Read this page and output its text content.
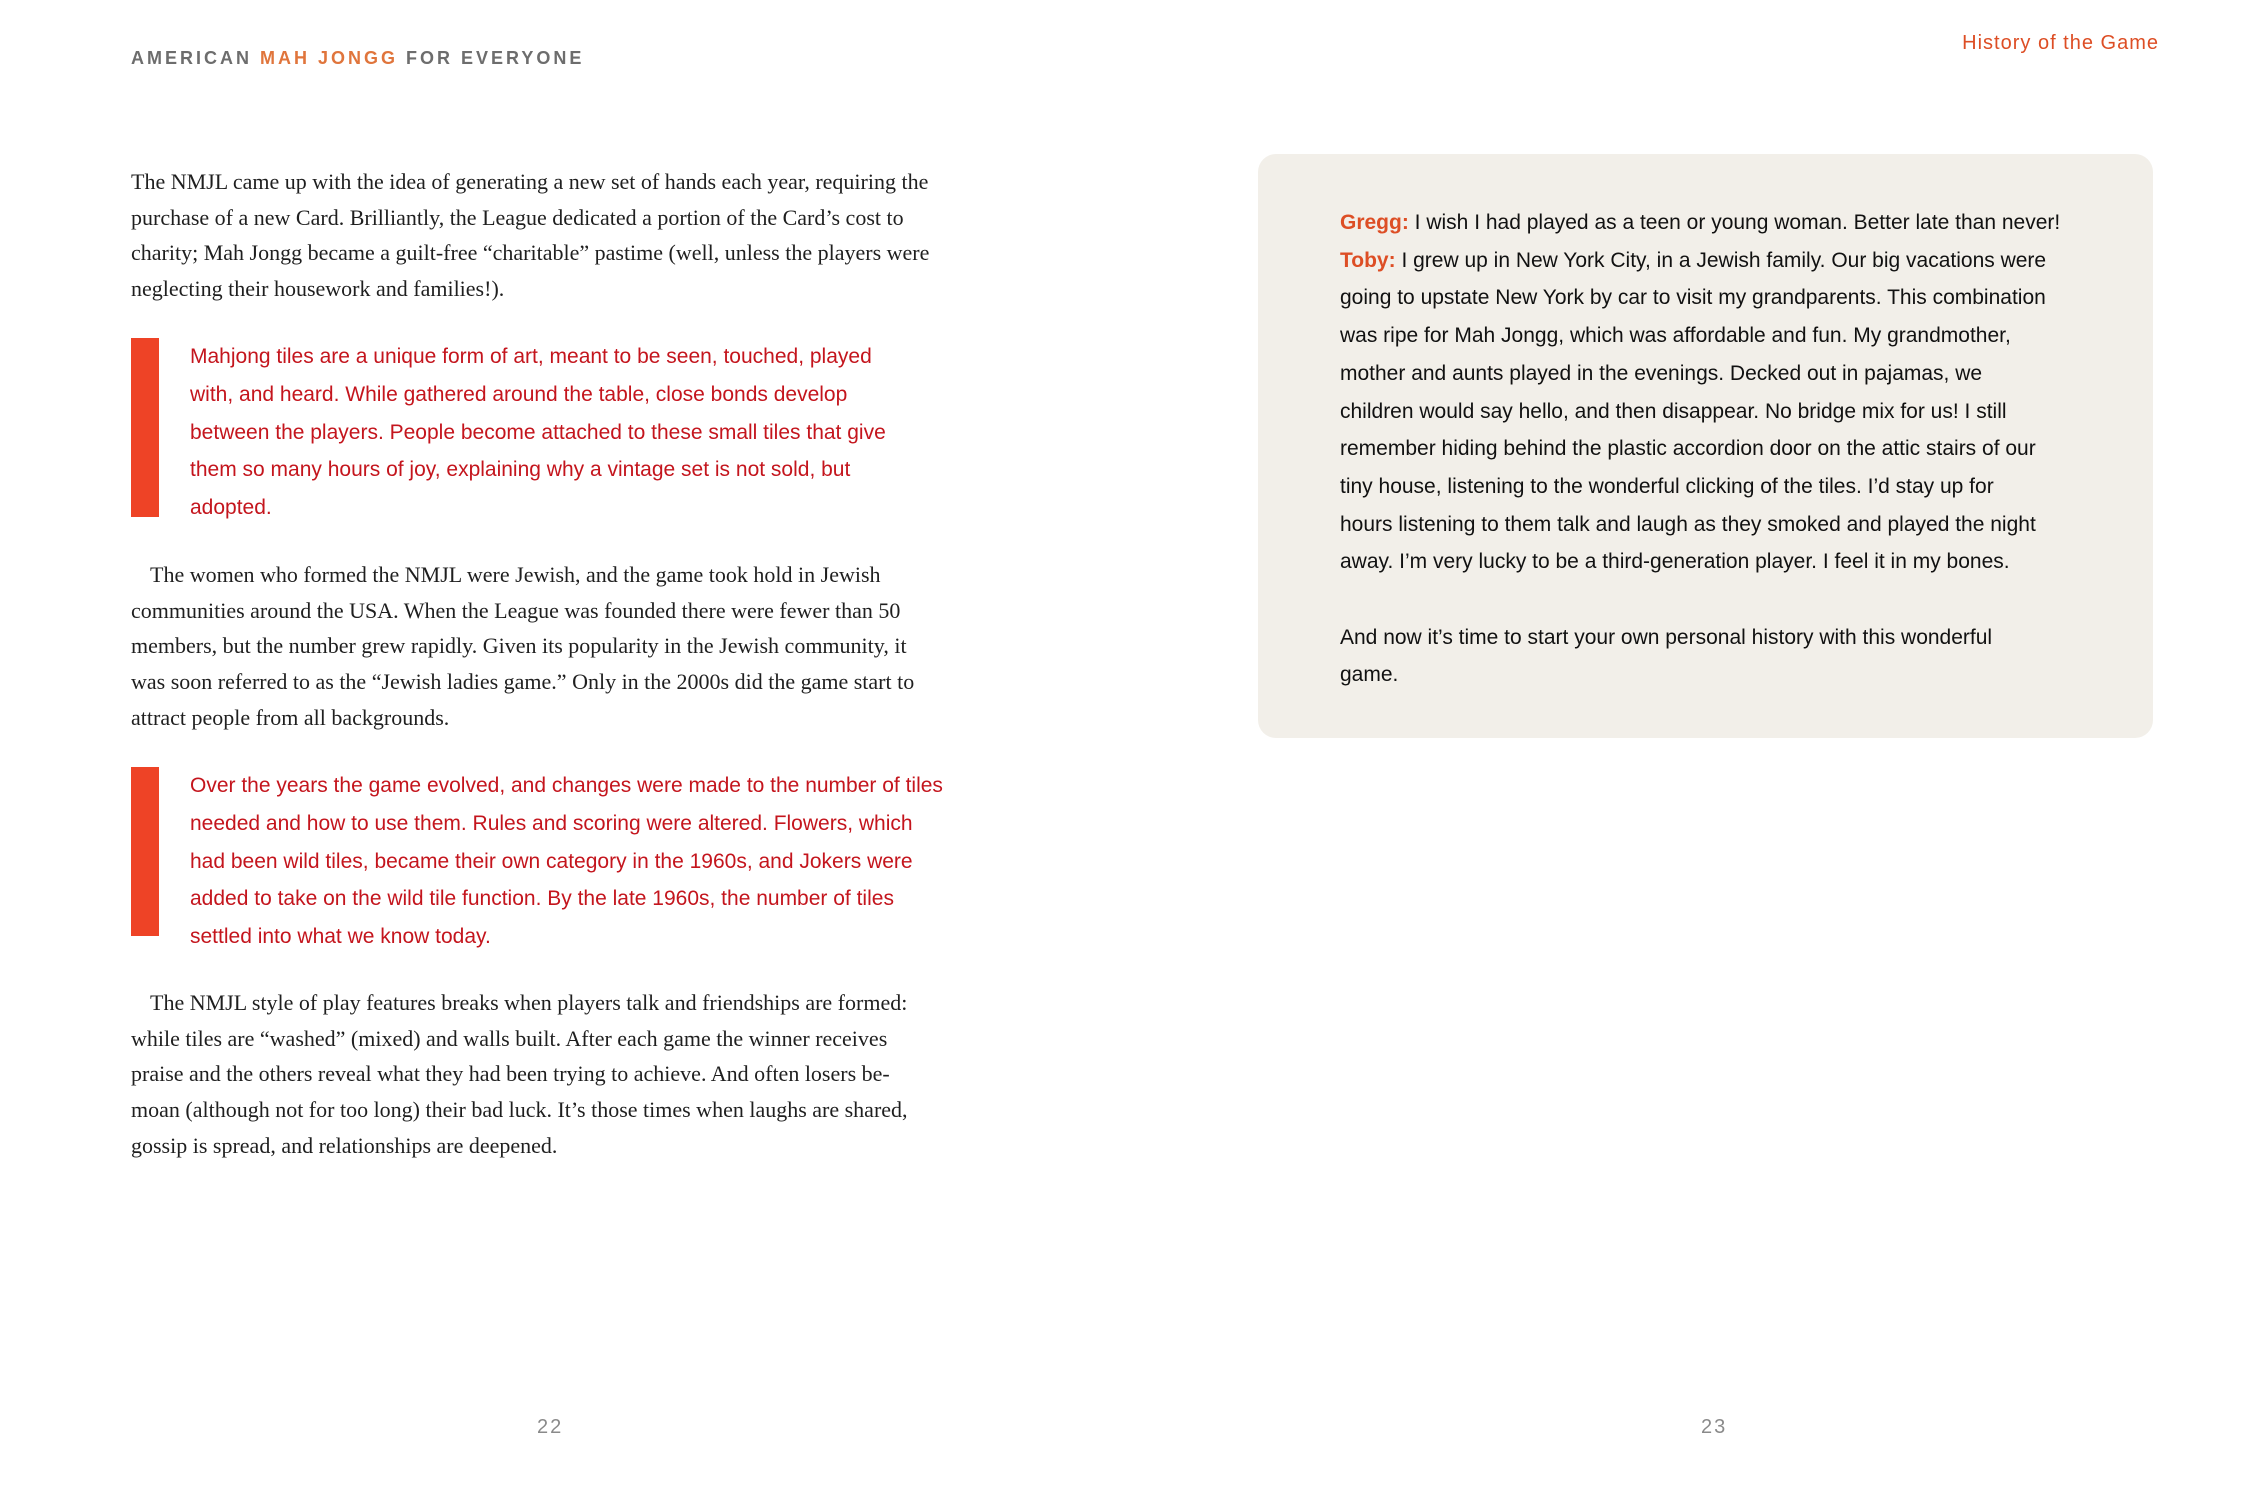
AMERICAN MAH JONGG FOR EVERYONE

The NMJL came up with the idea of generating a new set of hands each year, requiring the
purchase of a new Card. Brilliantly, the League dedicated a portion of the Card’s cost to
charity; Mah Jongg became a guilt-free “charitable” pastime (well, unless the players were
neglecting their housework and families!).

Mahjong tiles are a unique form of art, meant to be seen, touched, played
with, and heard. While gathered around the table, close bonds develop
between the players. People become attached to these small tiles that give
them so many hours of joy, explaining why a vintage set is not sold, but
adopted.

The women who formed the NMJL were Jewish, and the game took hold in Jewish
communities around the USA. When the League was founded there were fewer than 50
members, but the number grew rapidly. Given its popularity in the Jewish community, it
was soon referred to as the “Jewish ladies game.” Only in the 2000s did the game start to
attract people from all backgrounds.

Over the years the game evolved, and changes were made to the number of tiles
needed and how to use them. Rules and scoring were altered. Flowers, which
had been wild tiles, became their own category in the 1960s, and Jokers were
added to take on the wild tile function. By the late 1960s, the number of tiles
settled into what we know today.

The NMJL style of play features breaks when players talk and friendships are formed:
while tiles are “washed” (mixed) and walls built. After each game the winner receives
praise and the others reveal what they had been trying to achieve. And often losers be-
moan (although not for too long) their bad luck. It’s those times when laughs are shared,
gossip is spread, and relationships are deepened.

22
History of the Game
Gregg: I wish I had played as a teen or young woman. Better late than never!
Toby: I grew up in New York City, in a Jewish family. Our big vacations were
going to upstate New York by car to visit my grandparents. This combination
was ripe for Mah Jongg, which was affordable and fun. My grandmother,
mother and aunts played in the evenings. Decked out in pajamas, we
children would say hello, and then disappear. No bridge mix for us! I still
remember hiding behind the plastic accordion door on the attic stairs of our
tiny house, listening to the wonderful clicking of the tiles. I’d stay up for
hours listening to them talk and laugh as they smoked and played the night
away. I’m very lucky to be a third-generation player. I feel it in my bones.
And now it’s time to start your own personal history with this wonderful
game.
23
